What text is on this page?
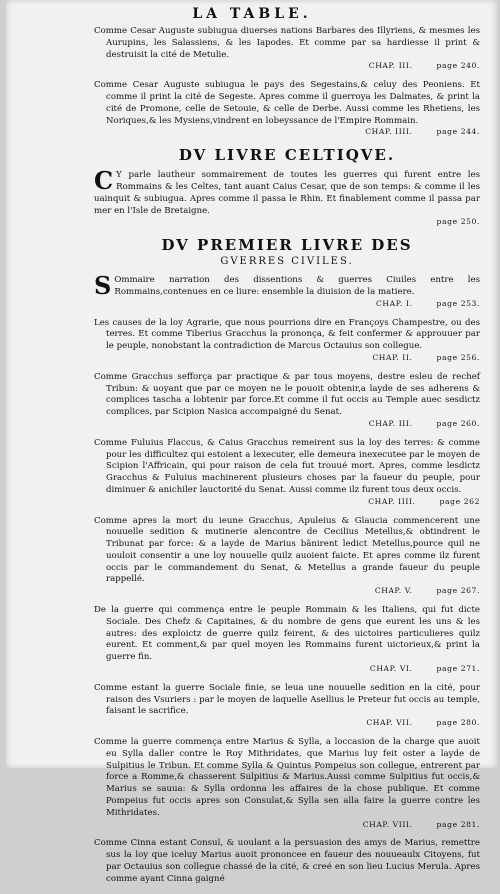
LA TABLE.

Comme Cesar Auguste subiugua diuerses nations Barbares des Illyriens, & mesmes les Aurupins, les Salassiens, & les Iapodes. Et comme par sa hardiesse il print & destruisit la cité de Metulie.

CHAP. III.	page 240.

Comme Cesar Auguste subiugua le pays des Segestains,& celuy des Peoniens. Et comme il print la cité de Segeste. Apres comme il guerroya les Dalmates, & print la cité de Promone, celle de Setouie, & celle de Derbe. Aussi comme les Rhetiens, les Noriques,& les Mysiens,vindrent en lobeyssance de l'Empire Rommain.

CHAP. IIII.	page 244.
DV LIVRE CELTIQVE.
C Y parle lautheur sommairement de toutes les guerres qui furent entre les Rommains & les Celtes, tant auant Caius Cesar, que de son temps: & comme il les uainquit & subiugua. Apres comme il passa le Rhin. Et finablement comme il passa par mer en l'Isle de Bretaigne.

page 250.
DV PREMIER LIVRE DES
GVERRES CIVILES.
S Ommaire narration des dissentions & guerres Ciuiles entre les Rommains,contenues en ce liure: ensemble la diuision de la matiere.

CHAP. I.	page 253.

Les causes de la loy Agrarie, que nous pourrions dire en Françoys Champestre, ou des terres. Et comme Tiberius Gracchus la prononça, & feit confermer & approuuer par le peuple, nonobstant la contradiction de Marcus Octauius son collegue.

CHAP. II.	page 256.

Comme Gracchus sefforça par practique & par tous moyens, destre esleu de rechef Tribun: & uoyant que par ce moyen ne le pouoit obtenir,a layde de ses adherens & complices tascha a lobtenir par force.Et comme il fut occis au Temple auec sesdictz complices, par Scipion Nasica accompaigné du Senat.

CHAP. III.	page 260.

Comme Fuluius Flaccus, & Caius Gracchus remeirent sus la loy des terres: & comme pour les difficultez qui estoient a lexecuter, elle demeura inexecutee par le moyen de Scipion l'Affricain, qui pour raison de cela fut trouué mort. Apres, comme lesdictz Gracchus & Fuluius machinerent plusieurs choses par la faueur du peuple, pour diminuer & anichiler lauctorité du Senat. Aussi comme ilz furent tous deux occis.

CHAP. IIII.	page 262

Comme apres la mort du ieune Gracchus, Apuleius & Glaucia commencerent une nouuelle sedition & mutinerie alencontre de Cecilius Metellus,& obtindrent le Tribunat par force: & a layde de Marius bânirent ledict Metellus,pource quil ne uouloit consentir a une loy nouuelle quilz auoient faicte. Et apres comme ilz furent occis par le commandement du Senat, & Metellus a grande faueur du peuple rappellé.

CHAP. V.	page 267.

De la guerre qui commença entre le peuple Rommain & les Italiens, qui fut dicte Sociale. Des Chefz & Capitaines, & du nombre de gens que eurent les uns & les autres: des exploictz de guerre quilz feirent, & des uictoires particulieres quilz eurent. Et comment,& par quel moyen les Rommains furent uictorieux,& print la guerre fin.

CHAP. VI.	page 271.

Comme estant la guerre Sociale finie, se leua une nouuelle sedition en la cité, pour raison des Vsuriers : par le moyen de laquelle Asellius le Preteur fut occis au temple, faisant le sacrifice.

CHAP. VII.	page 280.

Comme la guerre commença entre Marius & Sylla, a loccasion de la charge que auoit eu Sylla daller contre le Roy Mithridates, que Marius luy feit oster a layde de Sulpitius le Tribun. Et comme Sylla & Quintus Pompeius son collegue, entrerent par force a Romme,& chasserent Sulpitius & Marius.Aussi comme Sulpitius fut occis,& Marius se sauua: & Sylla ordonna les affaires de la chose publique. Et comme Pompeius fut occis apres son Consulat,& Sylla sen alla faire la guerre contre les Mithridates.

CHAP. VIII.	page 281.

Comme Cinna estant Consul, & uoulant a la persuasion des amys de Marius, remettre sus la loy que iceluy Marius auoit prononcee en faueur des nouueaulx Citoyens, fut par Octauius son collegue chassé de la cité, & creé en son lieu Lucius Merula. Apres comme ayant Cinna gaigné
